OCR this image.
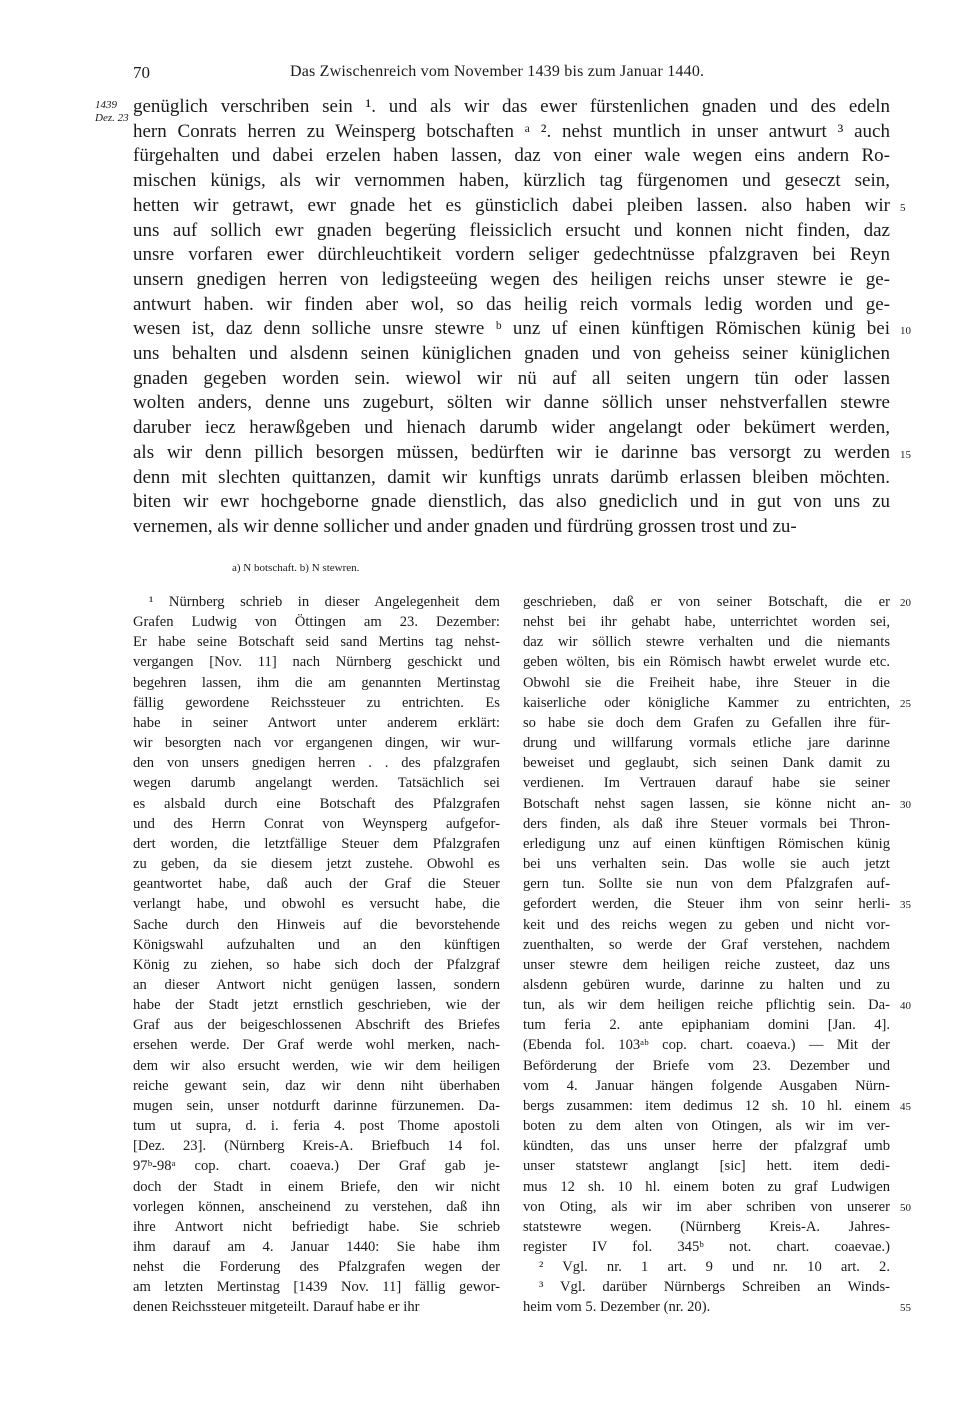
70	Das Zwischenreich vom November 1439 bis zum Januar 1440.
1439
Dez. 23
genüglich verschriben sein ¹. und als wir das ewer fürstenlichen gnaden und des edeln
hern Conrats herren zu Weinsperg botschaften ᵃ ². nehst muntlich in unser antwurt ³ auch
fürgehalten und dabei erzelen haben lassen, daz von einer wale wegen eins andern Ro-
mischen künigs, als wir vernommen haben, kürzlich tag fürgenomen und geseczt sein,
hetten wir getrawt, ewr gnade het es günsticlich dabei pleiben lassen. also haben wir
uns auf sollich ewr gnaden begerüng fleissiclich ersucht und konnen nicht finden, daz
unsre vorfaren ewer dürchleuchtikeit vordern seliger gedechtnüsse pfalzgraven bei Reyn
unsern gnedigen herren von ledigsteeüng wegen des heiligen reichs unser stewre ie ge-
antwurt haben. wir finden aber wol, so das heilig reich vormals ledig worden und ge-
wesen ist, daz denn solliche unsre stewre ᵇ unz uf einen künftigen Römischen künig bei
uns behalten und alsdenn seinen küniglichen gnaden und von geheiss seiner küniglichen
gnaden gegeben worden sein. wiewol wir nü auf all seiten ungern tün oder lassen
wolten anders, denne uns zugeburt, sölten wir danne söllich unser nehstverfallen stewre
daruber iecz herawßgeben und hienach darumb wider angelangt oder bekümert werden,
als wir denn pillich besorgen müssen, bedürften wir ie darinne bas versorgt zu werden
denn mit slechten quittanzen, damit wir kunftigs unrats darümb erlassen bleiben möchten.
biten wir ewr hochgeborne gnade dienstlich, das also gnediclich und in gut von uns zu
vernemen, als wir denne sollicher und ander gnaden und fürdrüng grossen trost und zu-
5
10
15
a) N botschaft. b) N stewren.
¹ Nürnberg schrieb in dieser Angelegenheit dem
Grafen Ludwig von Öttingen am 23. Dezember:
Er habe seine Botschaft seid sand Mertins tag nehst-
vergangen [Nov. 11] nach Nürnberg geschickt und
begehren lassen, ihm die am genannten Mertinstag
fällig gewordene Reichssteuer zu entrichten. Es
habe in seiner Antwort unter anderem erklärt:
wir besorgten nach vor ergangenen dingen, wir wur-
den von unsers gnedigen herren . . des pfalzgrafen
wegen darumb angelangt werden. Tatsächlich sei
es alsbald durch eine Botschaft des Pfalzgrafen
und des Herrn Conrat von Weynsperg aufgefor-
dert worden, die letztfällige Steuer dem Pfalzgrafen
zu geben, da sie diesem jetzt zustehe. Obwohl es
geantwortet habe, daß auch der Graf die Steuer
verlangt habe, und obwohl es versucht habe, die
Sache durch den Hinweis auf die bevorstehende
Königswahl aufzuhalten und an den künftigen
König zu ziehen, so habe sich doch der Pfalzgraf
an dieser Antwort nicht genügen lassen, sondern
habe der Stadt jetzt ernstlich geschrieben, wie der
Graf aus der beigeschlossenen Abschrift des Briefes
ersehen werde. Der Graf werde wohl merken, nach-
dem wir also ersucht werden, wie wir dem heiligen
reiche gewant sein, daz wir denn niht überhaben
mugen sein, unser notdurft darinne fürzunemen. Da-
tum ut supra, d. i. feria 4. post Thome apostoli
[Dez. 23]. (Nürnberg Kreis-A. Briefbuch 14 fol.
97ᵇ-98ᵃ cop. chart. coaeva.) Der Graf gab je-
doch der Stadt in einem Briefe, den wir nicht
vorlegen können, anscheinend zu verstehen, daß ihn
ihre Antwort nicht befriedigt habe. Sie schrieb
ihm darauf am 4. Januar 1440: Sie habe ihm
nehst die Forderung des Pfalzgrafen wegen der
am letzten Mertinstag [1439 Nov. 11] fällig gewor-
denen Reichssteuer mitgeteilt. Darauf habe er ihr
geschrieben, daß er von seiner Botschaft, die er
nehst bei ihr gehabt habe, unterrichtet worden sei,
daz wir söllich stewre verhalten und die niemants
geben wölten, bis ein Römisch hawbt erwelet wurde etc.
Obwohl sie die Freiheit habe, ihre Steuer in die
kaiserliche oder königliche Kammer zu entrichten,
so habe sie doch dem Grafen zu Gefallen ihre für-
drung und willfarung vormals etliche jare darinne
beweiset und geglaubt, sich seinen Dank damit zu
verdienen. Im Vertrauen darauf habe sie seiner
Botschaft nehst sagen lassen, sie könne nicht an-
ders finden, als daß ihre Steuer vormals bei Thron-
erledigung unz auf einen künftigen Römischen künig
bei uns verhalten sein. Das wolle sie auch jetzt
gern tun. Sollte sie nun von dem Pfalzgrafen auf-
gefordert werden, die Steuer ihm von seinr herli-
keit und des reichs wegen zu geben und nicht vor-
zuenthalten, so werde der Graf verstehen, nachdem
unser stewre dem heiligen reiche zusteet, daz uns
alsdenn gebüren wurde, darinne zu halten und zu
tun, als wir dem heiligen reiche pflichtig sein. Da-
tum feria 2. ante epiphaniam domini [Jan. 4].
(Ebenda fol. 103ᵃᵇ cop. chart. coaeva.) — Mit der
Beförderung der Briefe vom 23. Dezember und
vom 4. Januar hängen folgende Ausgaben Nürn-
bergs zusammen: item dedimus 12 sh. 10 hl. einem
boten zu dem alten von Otingen, als wir im ver-
kündten, das uns unser herre der pfalzgraf umb
unser statstewr anglangt [sic] hett. item dedi-
mus 12 sh. 10 hl. einem boten zu graf Ludwigen
von Oting, als wir im aber schriben von unserer
statstewre wegen. (Nürnberg Kreis-A. Jahres-
register IV fol. 345ᵇ not. chart. coaevae.)
² Vgl. nr. 1 art. 9 und nr. 10 art. 2.
³ Vgl. darüber Nürnbergs Schreiben an Winds-
heim vom 5. Dezember (nr. 20).
20
25
30
35
40
45
50
55
